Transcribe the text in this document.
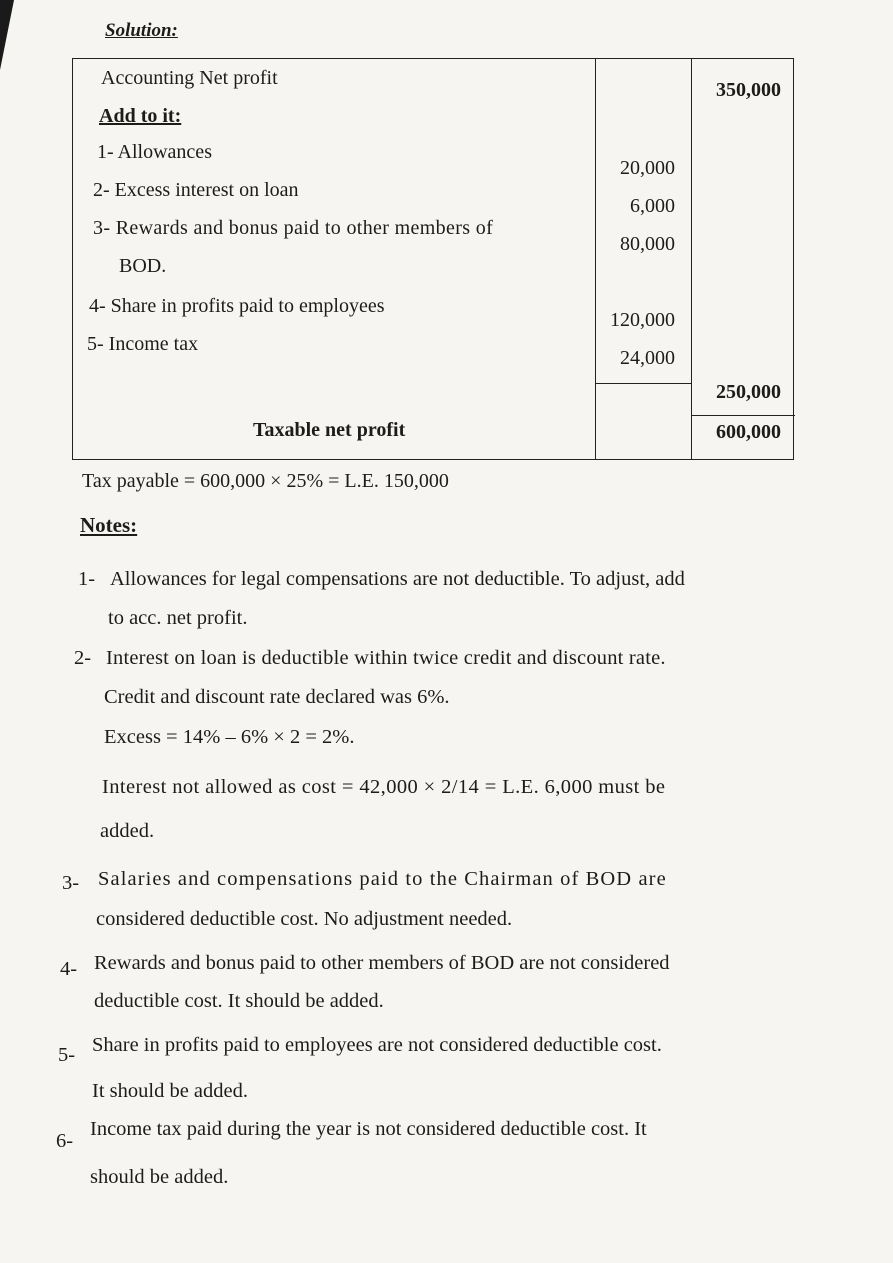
Solution:
Accounting Net profit
350,000
Add to it:
1- Allowances
20,000
2- Excess interest on loan
6,000
3- Rewards and bonus paid to other members of
BOD.
80,000
4- Share in profits paid to employees
120,000
5- Income tax
24,000
250,000
Taxable net profit	600,000
Tax payable = 600,000 × 25% = L.E. 150,000
Notes:
1- Allowances for legal compensations are not deductible. To adjust, add
to acc. net profit.
2- Interest on loan is deductible within twice credit and discount rate.
Credit and discount rate declared was 6%.
Excess = 14% – 6% × 2 = 2%.
Interest not allowed as cost = 42,000 × 2/14 = L.E. 6,000 must be
added.
3- Salaries and compensations paid to the Chairman of BOD are
considered deductible cost. No adjustment needed.
4- Rewards and bonus paid to other members of BOD are not considered
deductible cost. It should be added.
5- Share in profits paid to employees are not considered deductible cost.
It should be added.
6-
Income tax paid during the year is not considered deductible cost. It
should be added.
